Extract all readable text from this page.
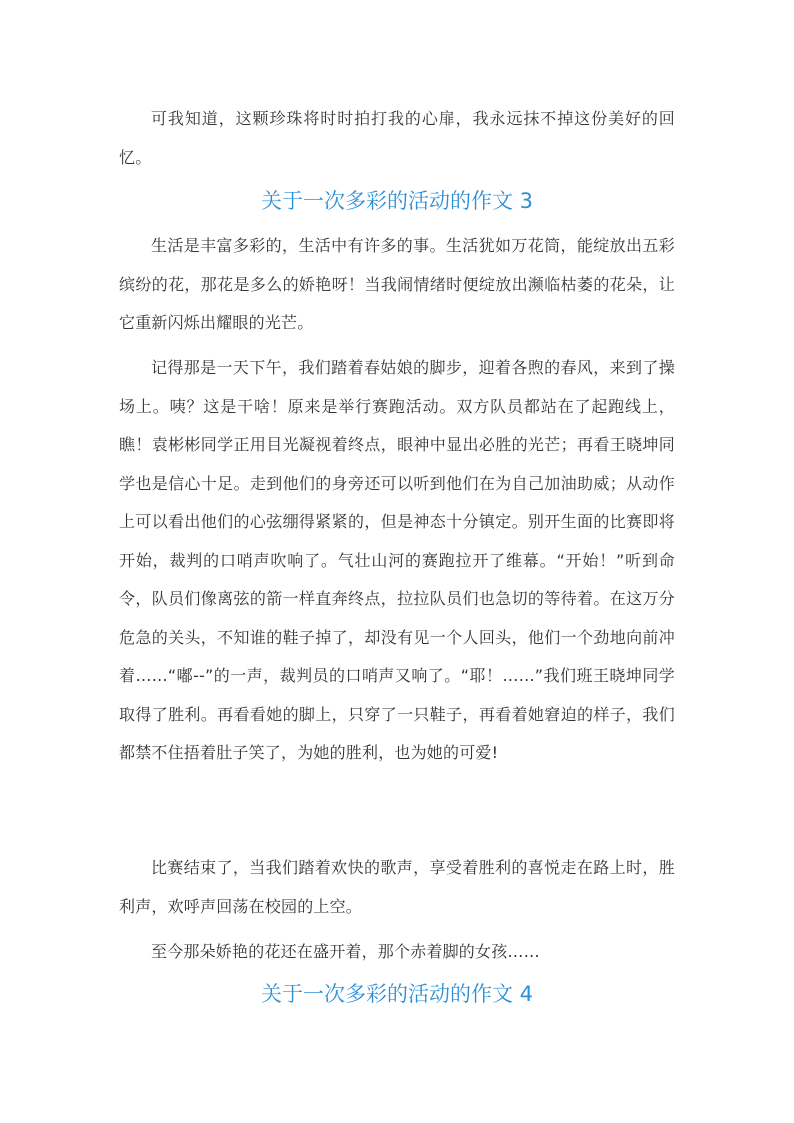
可我知道，这颗珍珠将时时拍打我的心扉，我永远抹不掉这份美好的回忆。

关于一次多彩的活动的作文 3

生活是丰富多彩的，生活中有许多的事。生活犹如万花筒，能绽放出五彩缤纷的花，那花是多么的娇艳呀！当我闹情绪时便绽放出濒临枯萎的花朵，让它重新闪烁出耀眼的光芒。

记得那是一天下午，我们踏着春姑娘的脚步，迎着各煦的春风，来到了操场上。咦？这是干啥！原来是举行赛跑活动。双方队员都站在了起跑线上，瞧！袁彬彬同学正用目光凝视着终点，眼神中显出必胜的光芒；再看王晓坤同学也是信心十足。走到他们的身旁还可以听到他们在为自己加油助威；从动作上可以看出他们的心弦绷得紧紧的，但是神态十分镇定。别开生面的比赛即将开始，裁判的口哨声吹响了。气壮山河的赛跑拉开了维幕。“开始！”听到命令，队员们像离弦的箭一样直奔终点，拉拉队员们也急切的等待着。在这万分危急的关头，不知谁的鞋子掉了，却没有见一个人回头，他们一个劲地向前冲着……“嘟--”的一声，裁判员的口哨声又响了。“耶！……”我们班王晓坤同学取得了胜利。再看看她的脚上，只穿了一只鞋子，再看着她窘迫的样子，我们都禁不住捂着肚子笑了，为她的胜利，也为她的可爱!

比赛结束了，当我们踏着欢快的歌声，享受着胜利的喜悦走在路上时，胜利声，欢呼声回荡在校园的上空。

至今那朵娇艳的花还在盛开着，那个赤着脚的女孩……

关于一次多彩的活动的作文 4
